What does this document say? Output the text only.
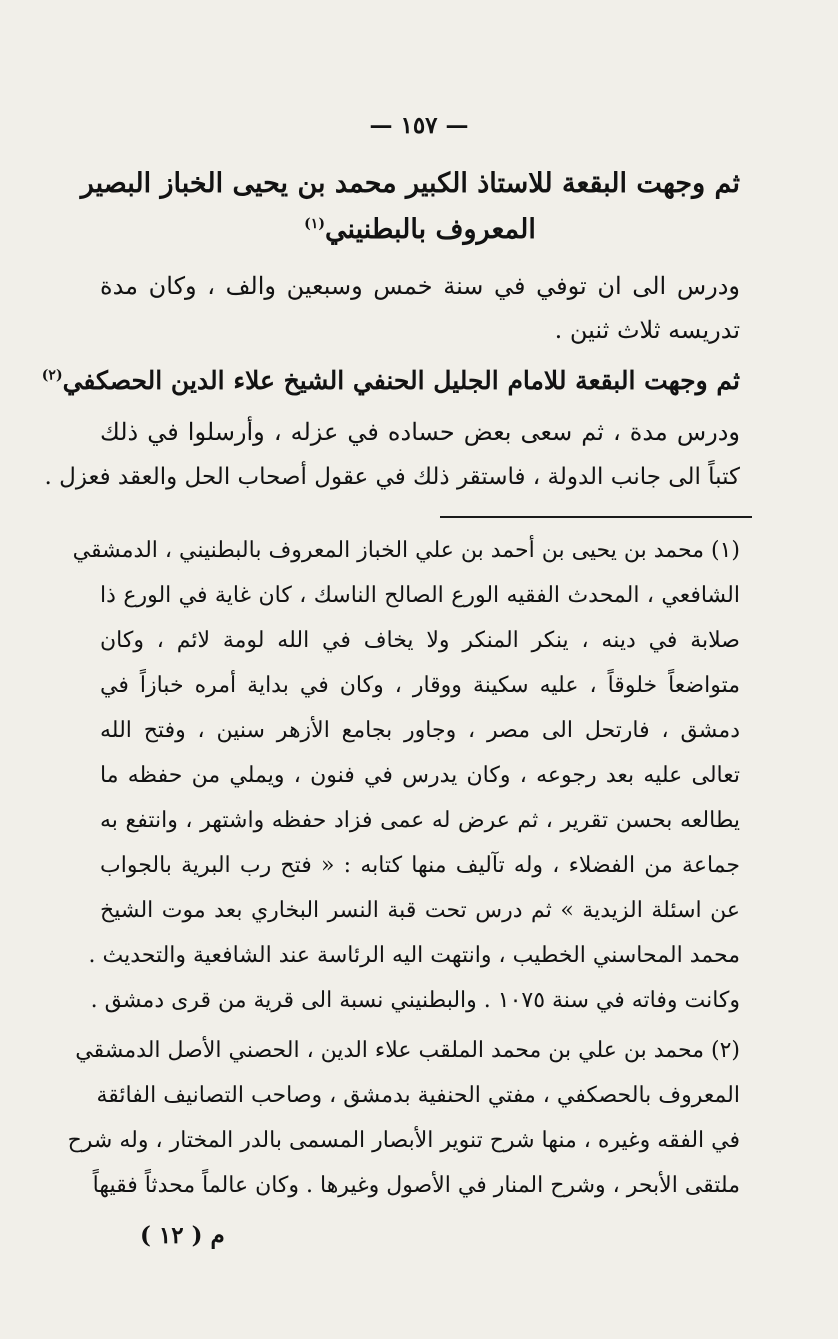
— ١٥٧ —
ثم وجهت البقعة للاستاذ الكبير محمد بن يحيى الخباز البصير
المعروف بالبطنيني$^{(١)}$
ودرس الى ان توفي في سنة خمس وسبعين والف ، وكان مدة
تدريسه ثلاث ثنين .
ثم وجهت البقعة للامام الجليل الحنفي الشيخ علاء الدين الحصكفي$^{(٢)}$
ودرس مدة ، ثم سعى بعض حساده في عزله ، وأرسلوا في ذلك
كتباً الى جانب الدولة ، فاستقر ذلك في عقول أصحاب الحل والعقد فعزل .
(١) محمد بن يحيى بن أحمد بن علي الخباز المعروف بالبطنيني ، الدمشقي
الشافعي ، المحدث الفقيه الورع الصالح الناسك ، كان غاية في الورع ذا
صلابة في دينه ، ينكر المنكر ولا يخاف في الله لومة لائم ، وكان
متواضعاً خلوقاً ، عليه سكينة ووقار ، وكان في بداية أمره خبازاً في
دمشق ، فارتحل الى مصر ، وجاور بجامع الأزهر سنين ، وفتح الله
تعالى عليه بعد رجوعه ، وكان يدرس في فنون ، ويملي من حفظه ما
يطالعه بحسن تقرير ، ثم عرض له عمى فزاد حفظه واشتهر ، وانتفع به
جماعة من الفضلاء ، وله تآليف منها كتابه : « فتح رب البرية بالجواب
عن اسئلة الزيدية » ثم درس تحت قبة النسر البخاري بعد موت الشيخ
محمد المحاسني الخطيب ، وانتهت اليه الرئاسة عند الشافعية والتحديث .
وكانت وفاته في سنة ١٠٧٥ . والبطنيني نسبة الى قرية من قرى دمشق .
(٢) محمد بن علي بن محمد الملقب علاء الدين ، الحصني الأصل الدمشقي
المعروف بالحصكفي ، مفتي الحنفية بدمشق ، وصاحب التصانيف الفائقة
في الفقه وغيره ، منها شرح تنوير الأبصار المسمى بالدر المختار ، وله شرح
ملتقى الأبحر ، وشرح المنار في الأصول وغيرها . وكان عالماً محدثاً فقيهاً
م ( ١٢ )
